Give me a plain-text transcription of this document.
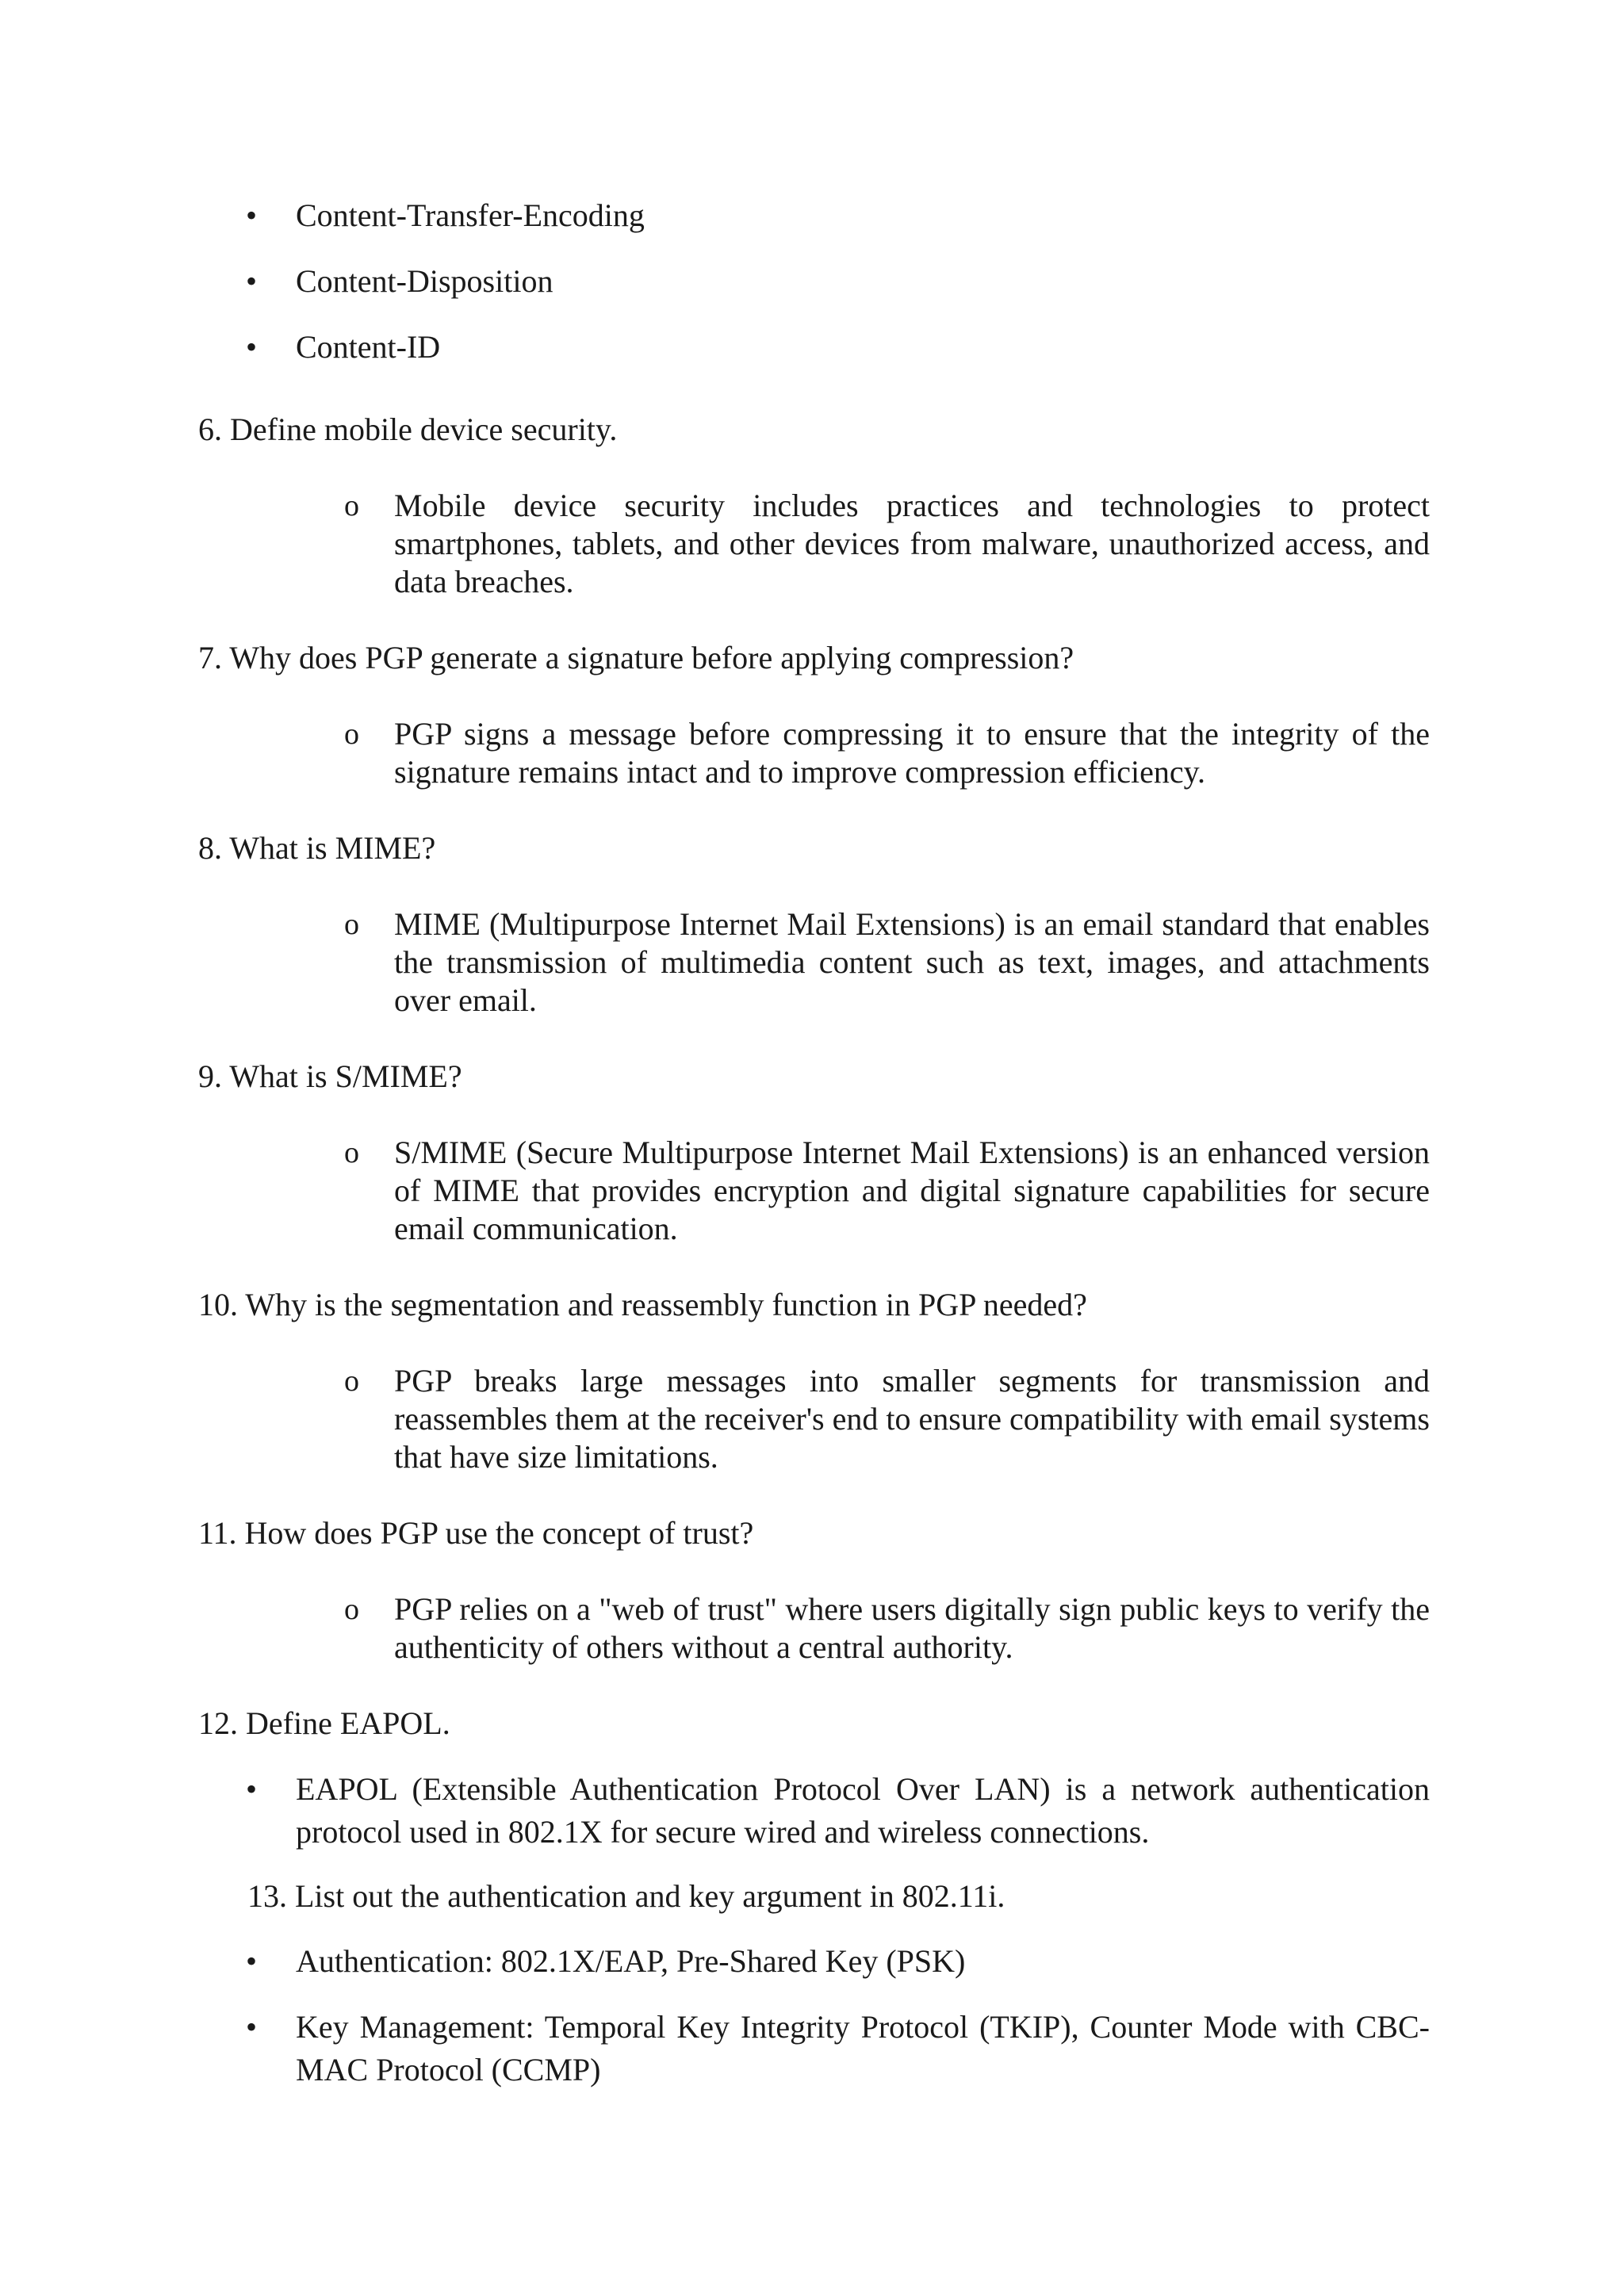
•	Content-Transfer-Encoding

•	Content-Disposition

•	Content-ID

6. Define mobile device security.

o Mobile device security includes practices and technologies to protect smartphones, tablets, and other devices from malware, unauthorized access, and data breaches.

7. Why does PGP generate a signature before applying compression?

o PGP signs a message before compressing it to ensure that the integrity of the signature remains intact and to improve compression efficiency.

8. What is MIME?

o MIME (Multipurpose Internet Mail Extensions) is an email standard that enables the transmission of multimedia content such as text, images, and attachments over email.

9. What is S/MIME?

o S/MIME (Secure Multipurpose Internet Mail Extensions) is an enhanced version of MIME that provides encryption and digital signature capabilities for secure email communication.

10. Why is the segmentation and reassembly function in PGP needed?

o PGP breaks large messages into smaller segments for transmission and reassembles them at the receiver's end to ensure compatibility with email systems that have size limitations.

11. How does PGP use the concept of trust?

o PGP relies on a "web of trust" where users digitally sign public keys to verify the authenticity of others without a central authority.

12. Define EAPOL.

•	EAPOL (Extensible Authentication Protocol Over LAN) is a network authentication protocol used in 802.1X for secure wired and wireless connections.

13. List out the authentication and key argument in 802.11i.

•	Authentication: 802.1X/EAP, Pre-Shared Key (PSK)

•	Key Management: Temporal Key Integrity Protocol (TKIP), Counter Mode with CBC-MAC Protocol (CCMP)
